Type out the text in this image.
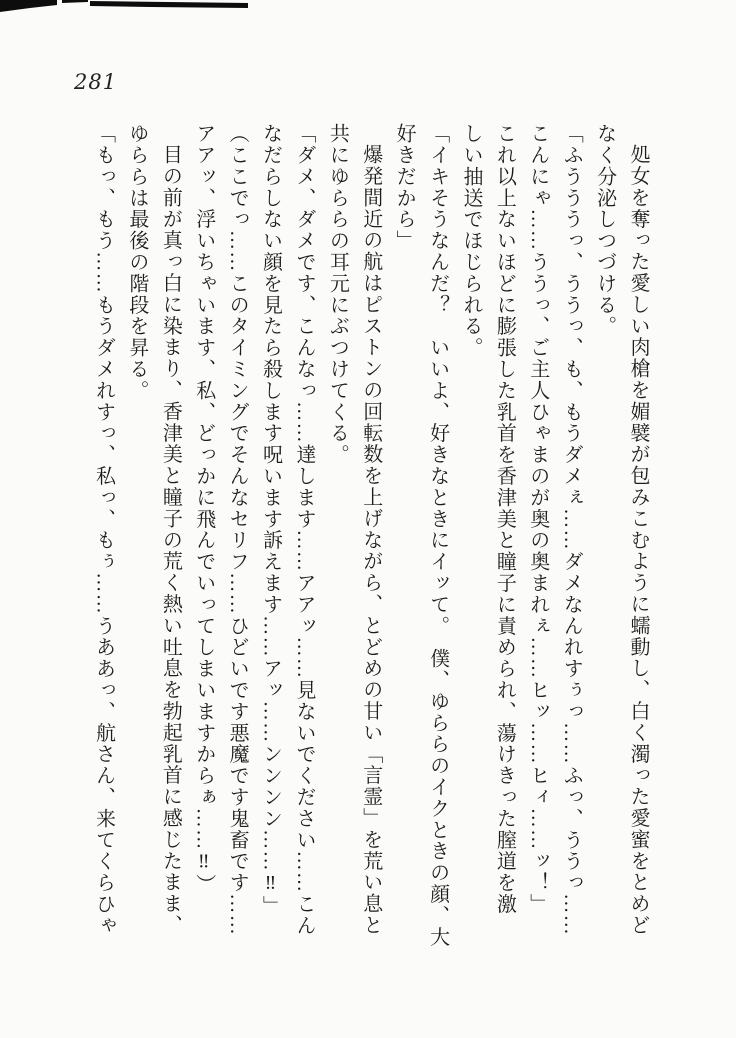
281

処女を奪った愛しい肉槍を媚襞が包みこむように蠕動し、白く濁った愛蜜をとめど

なく分泌しつづける。

「ふうううっ、ううっ、も、もうダメぇ……ダメなんれすぅっ……ふっ、ううっ……

こんにゃ……ううっ、ご主人ひゃまのが奥の奥まれぇ……ヒッ……ヒィ……ッ！」

これ以上ないほどに膨張した乳首を香津美と瞳子に責められ、蕩けきった膣道を激

しい抽送でほじられる。

「イキそうなんだ？　いいよ、好きなときにイッて。　僕、ゆららのイクときの顔、大

好きだから」

爆発間近の航はピストンの回転数を上げながら、とどめの甘い「言霊」を荒い息と

共にゆららの耳元にぶつけてくる。

「ダメ、ダメです、こんなっ……達します……アアッ……見ないでください……こん

なだらしない顔を見たら殺します呪います訴えます……アッ……ンンンン……‼」

（ここでっ……このタイミングでそんなセリフ……ひどいです悪魔です鬼畜です……

アアッ、浮いちゃいます、私、どっかに飛んでいってしまいますからぁ……‼）

目の前が真っ白に染まり、香津美と瞳子の荒く熱い吐息を勃起乳首に感じたまま、

ゆららは最後の階段を昇る。

「もっ、もう……もうダメれすっ、私っ、もぅ……うああっ、航さん、来てくらひゃ
